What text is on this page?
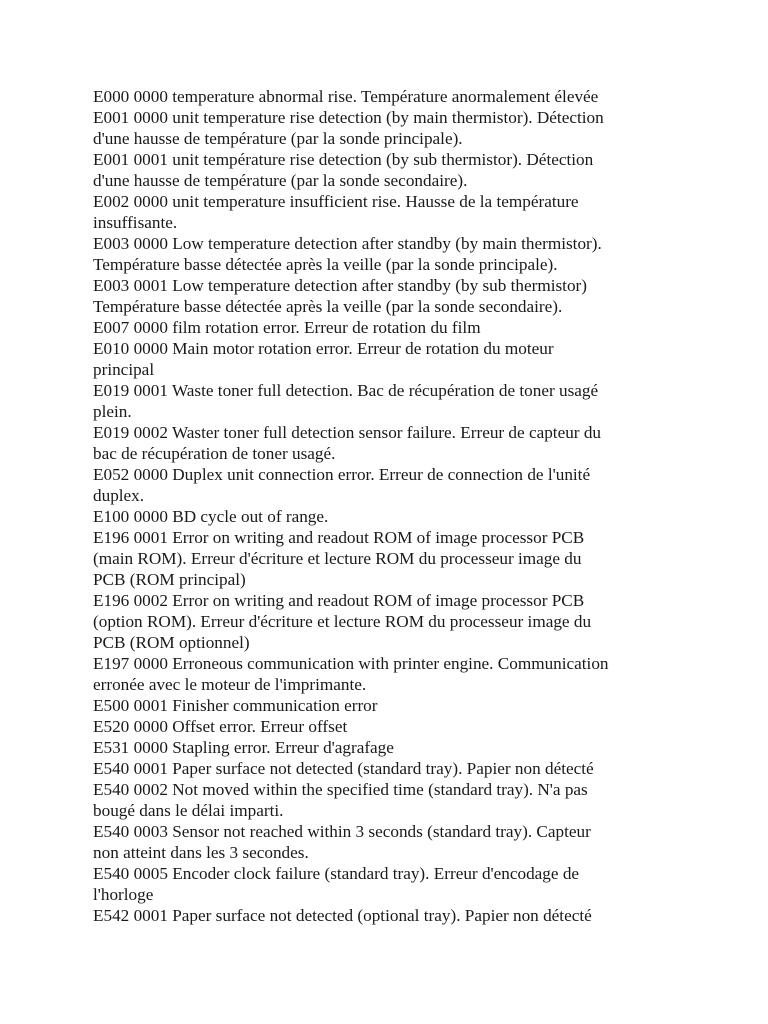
E000 0000 temperature abnormal rise. Température anormalement élevée
E001 0000 unit temperature rise detection (by main thermistor). Détection
d'une hausse de température (par la sonde principale).
E001 0001 unit température rise detection (by sub thermistor). Détection
d'une hausse de température (par la sonde secondaire).
E002 0000 unit temperature insufficient rise. Hausse de la température
insuffisante.
E003 0000 Low temperature detection after standby (by main thermistor).
Température basse détectée après la veille (par la sonde principale).
E003 0001 Low temperature detection after standby (by sub thermistor)
Température basse détectée après la veille (par la sonde secondaire).
E007 0000 film rotation error. Erreur de rotation du film
E010 0000 Main motor rotation error. Erreur de rotation du moteur
principal
E019 0001 Waste toner full detection. Bac de récupération de toner usagé
plein.
E019 0002 Waster toner full detection sensor failure. Erreur de capteur du
bac de récupération de toner usagé.
E052 0000 Duplex unit connection error. Erreur de connection de l'unité
duplex.
E100 0000 BD cycle out of range.
E196 0001 Error on writing and readout ROM of image processor PCB
(main ROM). Erreur d'écriture et lecture ROM du processeur image du
PCB (ROM principal)
E196 0002 Error on writing and readout ROM of image processor PCB
(option ROM). Erreur d'écriture et lecture ROM du processeur image du
PCB (ROM optionnel)
E197 0000 Erroneous communication with printer engine. Communication
erronée avec le moteur de l'imprimante.
E500 0001 Finisher communication error
E520 0000 Offset error. Erreur offset
E531 0000 Stapling error. Erreur d'agrafage
E540 0001 Paper surface not detected (standard tray). Papier non détecté
E540 0002 Not moved within the specified time (standard tray). N'a pas
bougé dans le délai imparti.
E540 0003 Sensor not reached within 3 seconds (standard tray). Capteur
non atteint dans les 3 secondes.
E540 0005 Encoder clock failure (standard tray). Erreur d'encodage de
l'horloge
E542 0001 Paper surface not detected (optional tray). Papier non détecté
